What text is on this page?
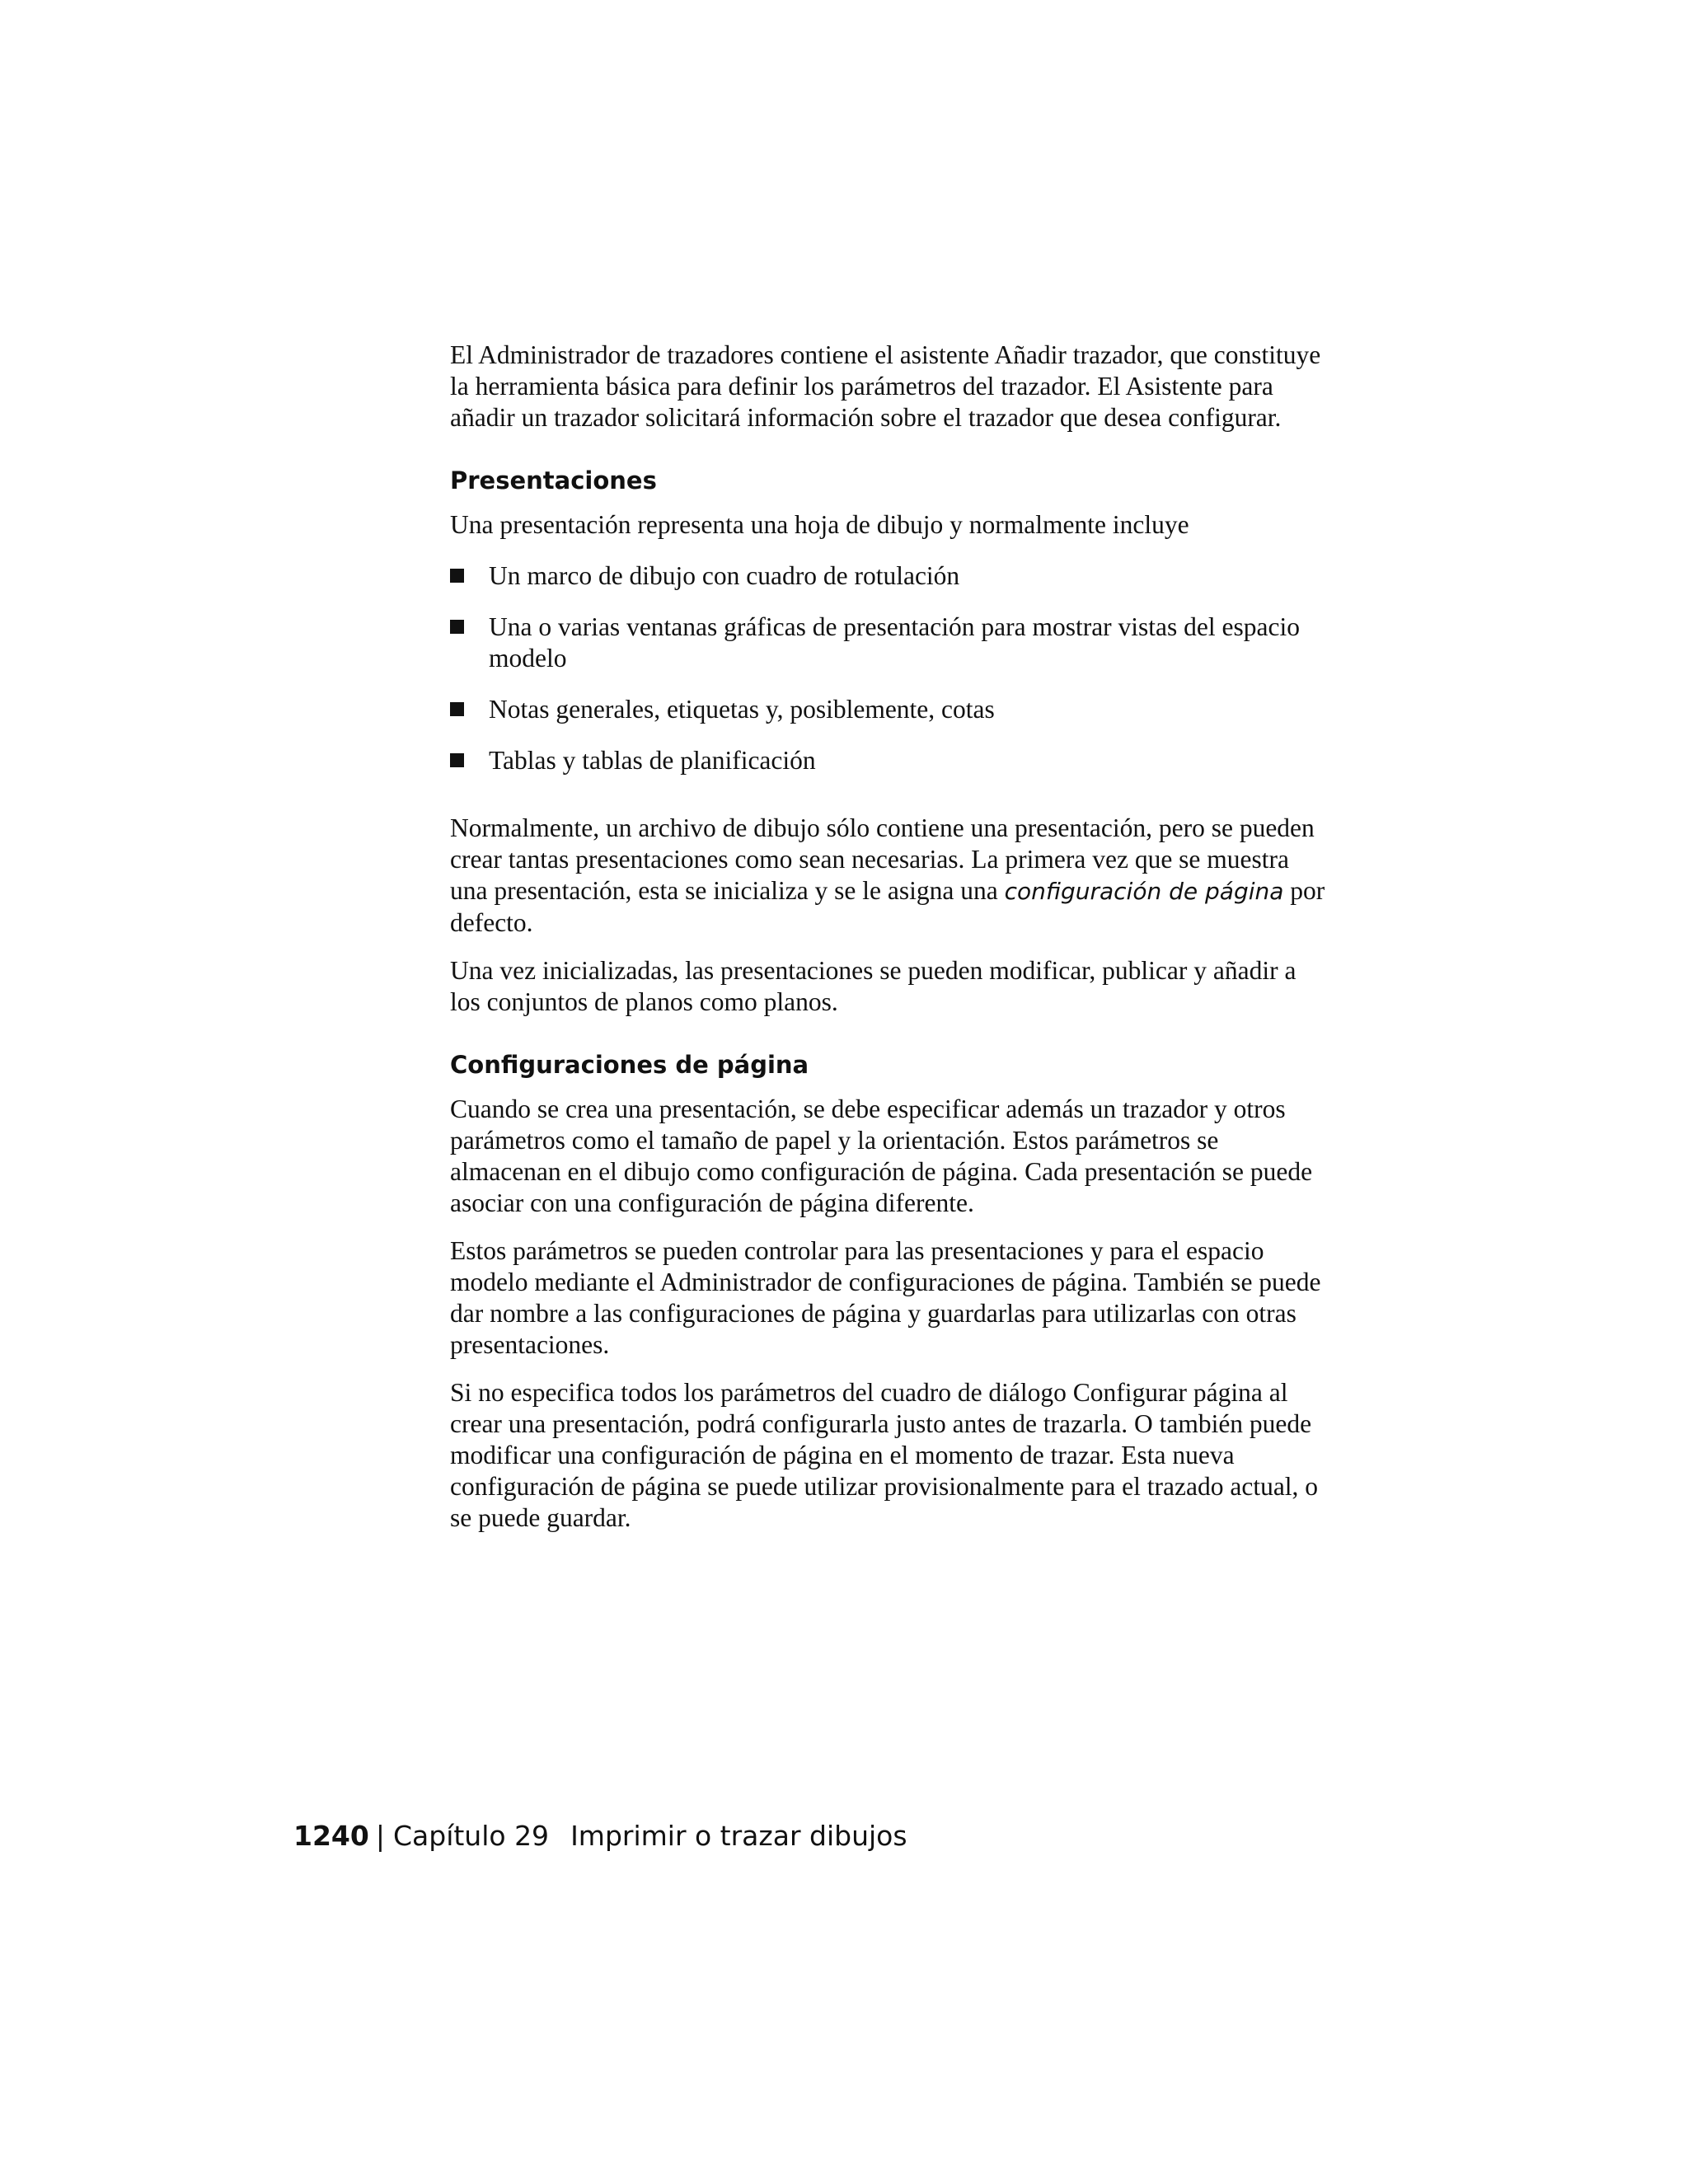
El Administrador de trazadores contiene el asistente Añadir trazador, que constituye la herramienta básica para definir los parámetros del trazador. El Asistente para añadir un trazador solicitará información sobre el trazador que desea configurar.

Presentaciones

Una presentación representa una hoja de dibujo y normalmente incluye

Un marco de dibujo con cuadro de rotulación
Una o varias ventanas gráficas de presentación para mostrar vistas del espacio modelo
Notas generales, etiquetas y, posiblemente, cotas
Tablas y tablas de planificación

Normalmente, un archivo de dibujo sólo contiene una presentación, pero se pueden crear tantas presentaciones como sean necesarias. La primera vez que se muestra una presentación, esta se inicializa y se le asigna una configuración de página por defecto.

Una vez inicializadas, las presentaciones se pueden modificar, publicar y añadir a los conjuntos de planos como planos.

Configuraciones de página

Cuando se crea una presentación, se debe especificar además un trazador y otros parámetros como el tamaño de papel y la orientación. Estos parámetros se almacenan en el dibujo como configuración de página. Cada presentación se puede asociar con una configuración de página diferente.

Estos parámetros se pueden controlar para las presentaciones y para el espacio modelo mediante el Administrador de configuraciones de página. También se puede dar nombre a las configuraciones de página y guardarlas para utilizarlas con otras presentaciones.

Si no especifica todos los parámetros del cuadro de diálogo Configurar página al crear una presentación, podrá configurarla justo antes de trazarla. O también puede modificar una configuración de página en el momento de trazar. Esta nueva configuración de página se puede utilizar provisionalmente para el trazado actual, o se puede guardar.

1240 | Capítulo 29 Imprimir o trazar dibujos
